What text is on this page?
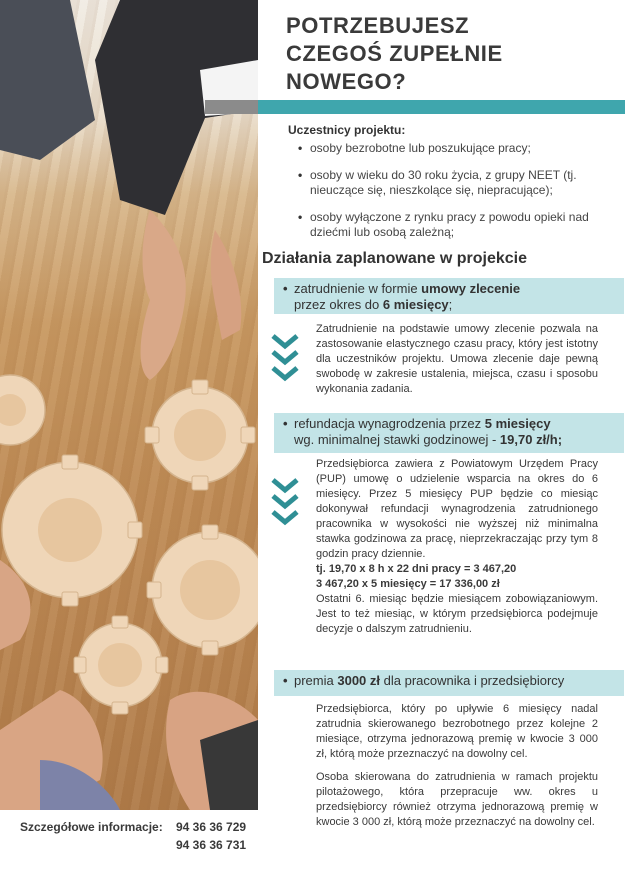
POTRZEBUJESZ
CZEGOŚ ZUPEŁNIE
NOWEGO?
Uczestnicy projektu:
• osoby bezrobotne lub poszukujące pracy;
• osoby w wieku do 30 roku życia, z grupy NEET (tj. nieuczące się, nieszkolące się, niepracujące);
• osoby wyłączone z rynku pracy z powodu opieki nad dziećmi lub osobą zależną;
Działania zaplanowane w projekcie
• zatrudnienie w formie umowy zlecenie
przez okres do 6 miesięcy;

Zatrudnienie na podstawie umowy zlecenie pozwala na zastosowanie elastycznego czasu pracy, który jest istotny dla uczestników projektu. Umowa zlecenie daje pewną swobodę w zakresie ustalenia, miejsca, czasu i sposobu wykonania zadania.

• refundacja wynagrodzenia przez 5 miesięcy
wg. minimalnej stawki godzinowej - 19,70 zł/h;

Przedsiębiorca zawiera z Powiatowym Urzędem Pracy (PUP) umowę o udzielenie wsparcia na okres do 6 miesięcy. Przez 5 miesięcy PUP będzie co miesiąc dokonywał refundacji wynagrodzenia zatrudnionego pracownika w wysokości nie wyższej niż minimalna stawka godzinowa za pracę, nieprzekraczając przy tym 8 godzin pracy dziennie.

tj. 19,70 x 8 h x 22 dni pracy = 3 467,20
3 467,20 x 5 miesięcy = 17 336,00 zł

Ostatni 6. miesiąc będzie miesiącem zobowiązaniowym. Jest to też miesiąc, w którym przedsiębiorca podejmuje decyzje o dalszym zatrudnieniu.

• premia 3000 zł dla pracownika i przedsiębiorcy

Przedsiębiorca, który po upływie 6 miesięcy nadal zatrudnia skierowanego bezrobotnego przez kolejne 2 miesiące, otrzyma jednorazową premię w kwocie 3 000 zł, którą może przeznaczyć na dowolny cel.

Osoba skierowana do zatrudnienia w ramach projektu pilotażowego, która przepracuje ww. okres u przedsiębiorcy również otrzyma jednorazową premię w kwocie 3 000 zł, którą może przeznaczyć na dowolny cel.

Szczegółowe informacje: 94 36 36 729
94 36 36 731
